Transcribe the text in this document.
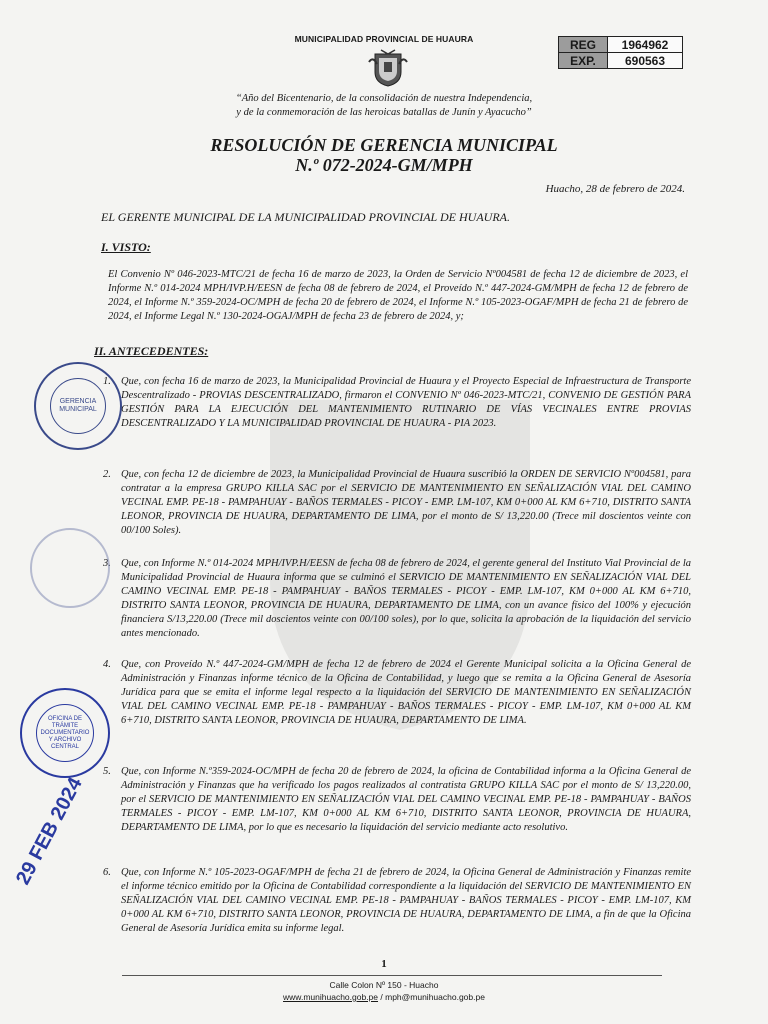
MUNICIPALIDAD PROVINCIAL DE HUAURA	REG	1964962
EXP.	690563
“Año del Bicentenario, de la consolidación de nuestra Independencia,
y de la conmemoración de las heroicas batallas de Junín y Ayacucho”
RESOLUCIÓN DE GERENCIA MUNICIPAL
N.º 072-2024-GM/MPH
Huacho, 28 de febrero de 2024.
EL GERENTE MUNICIPAL DE LA MUNICIPALIDAD PROVINCIAL DE HUAURA.
I. VISTO:
El Convenio Nº 046-2023-MTC/21 de fecha 16 de marzo de 2023, la Orden de Servicio Nº004581 de fecha 12 de diciembre de 2023, el Informe N.º 014-2024 MPH/IVP.H/EESN de fecha 08 de febrero de 2024, el Proveído N.º 447-2024-GM/MPH de fecha 12 de febrero de 2024, el Informe N.º 359-2024-OC/MPH de fecha 20 de febrero de 2024, el Informe N.º 105-2023-OGAF/MPH de fecha 21 de febrero de 2024, el Informe Legal N.º 130-2024-OGAJ/MPH de fecha 23 de febrero de 2024, y;
II. ANTECEDENTES:
1. Que, con fecha 16 de marzo de 2023, la Municipalidad Provincial de Huaura y el Proyecto Especial de Infraestructura de Transporte Descentralizado - PROVIAS DESCENTRALIZADO, firmaron el CONVENIO Nº 046-2023-MTC/21, CONVENIO DE GESTIÓN PARA GESTIÓN PARA LA EJECUCIÓN DEL MANTENIMIENTO RUTINARIO DE VÍAS VECINALES ENTRE PROVIAS DESCENTRALIZADO Y LA MUNICIPALIDAD PROVINCIAL DE HUAURA - PIA 2023.
2. Que, con fecha 12 de diciembre de 2023, la Municipalidad Provincial de Huaura suscribió la ORDEN DE SERVICIO Nº004581, para contratar a la empresa GRUPO KILLA SAC por el SERVICIO DE MANTENIMIENTO EN SEÑALIZACIÓN VIAL DEL CAMINO VECINAL EMP. PE-18 - PAMPAHUAY - BAÑOS TERMALES - PICOY - EMP. LM-107, KM 0+000 AL KM 6+710, DISTRITO SANTA LEONOR, PROVINCIA DE HUAURA, DEPARTAMENTO DE LIMA, por el monto de S/ 13,220.00 (Trece mil doscientos veinte con 00/100 Soles).
3. Que, con Informe N.º 014-2024 MPH/IVP.H/EESN de fecha 08 de febrero de 2024, el gerente general del Instituto Vial Provincial de la Municipalidad Provincial de Huaura informa que se culminó el SERVICIO DE MANTENIMIENTO EN SEÑALIZACIÓN VIAL DEL CAMINO VECINAL EMP. PE-18 - PAMPAHUAY - BAÑOS TERMALES - PICOY - EMP. LM-107, KM 0+000 AL KM 6+710, DISTRITO SANTA LEONOR, PROVINCIA DE HUAURA, DEPARTAMENTO DE LIMA, con un avance físico del 100% y ejecución financiera S/13,220.00 (Trece mil doscientos veinte con 00/100 soles), por lo que, solicita la aprobación de la liquidación del servicio antes mencionado.
4. Que, con Proveído N.º 447-2024-GM/MPH de fecha 12 de febrero de 2024 el Gerente Municipal solicita a la Oficina General de Administración y Finanzas informe técnico de la Oficina de Contabilidad, y luego que se remita a la Oficina General de Asesoría Jurídica para que se emita el informe legal respecto a la liquidación del SERVICIO DE MANTENIMIENTO EN SEÑALIZACIÓN VIAL DEL CAMINO VECINAL EMP. PE-18 - PAMPAHUAY - BAÑOS TERMALES - PICOY - EMP. LM-107, KM 0+000 AL KM 6+710, DISTRITO SANTA LEONOR, PROVINCIA DE HUAURA, DEPARTAMENTO DE LIMA.
5. Que, con Informe N.º359-2024-OC/MPH de fecha 20 de febrero de 2024, la oficina de Contabilidad informa a la Oficina General de Administración y Finanzas que ha verificado los pagos realizados al contratista GRUPO KILLA SAC por el monto de S/ 13,220.00, por el SERVICIO DE MANTENIMIENTO EN SEÑALIZACIÓN VIAL DEL CAMINO VECINAL EMP. PE-18 - PAMPAHUAY - BAÑOS TERMALES - PICOY - EMP. LM-107, KM 0+000 AL KM 6+710, DISTRITO SANTA LEONOR, PROVINCIA DE HUAURA, DEPARTAMENTO DE LIMA, por lo que es necesario la liquidación del servicio mediante acto resolutivo.
6. Que, con Informe N.º 105-2023-OGAF/MPH de fecha 21 de febrero de 2024, la Oficina General de Administración y Finanzas remite el informe técnico emitido por la Oficina de Contabilidad correspondiente a la liquidación del SERVICIO DE MANTENIMIENTO EN SEÑALIZACIÓN VIAL DEL CAMINO VECINAL EMP. PE-18 - PAMPAHUAY - BAÑOS TERMALES - PICOY - EMP. LM-107, KM 0+000 AL KM 6+710, DISTRITO SANTA LEONOR, PROVINCIA DE HUAURA, DEPARTAMENTO DE LIMA, a fin de que la Oficina General de Asesoría Jurídica emita su informe legal.
GERENCIA
MUNICIPAL
OFICINA DE
TRÁMITE
DOCUMENTARIO
Y ARCHIVO
CENTRAL
29 FEB 2024
1
Calle Colon Nº 150 - Huacho
www.munihuacho.gob.pe / mph@munihuacho.gob.pe
